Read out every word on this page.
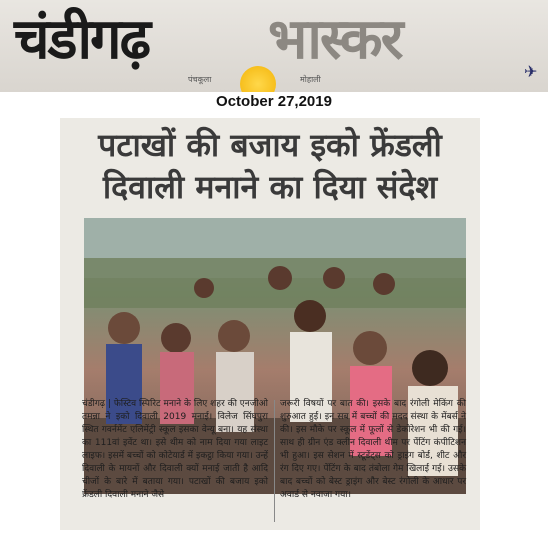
चंडीगढ़ भास्कर
पंचकूला	मोहाली	✈
October 27,2019
पटाखों की बजाय इको फ्रेंडली
दिवाली मनाने का दिया संदेश
चंडीगढ़ | फेस्टिव स्पिरिट मनाने के लिए शहर की एनजीओ तमन्ना ने इको दिवाली 2019 मनाई। विलेज सिंघपुरा स्थित गवर्नमेंट एलिमेंट्री स्कूल इसका वेन्यू बना। यह संस्था का 111वां इवेंट था। इसे थीम को नाम दिया गया लाइट लाइफ। इसमें बच्चों को कोटेयार्ड में इकट्ठा किया गया। उन्हें दिवाली के मायनों और दिवाली क्यों मनाई जाती है आदि चीजों के बारे में बताया गया। पटाखों की बजाय इको फ्रेंडली दिवाली मनाने जैसे
जरूरी विषयों पर बात की। इसके बाद रंगोली मेकिंग की शुरुआत हुई। इन सब में बच्चों की मदद संस्था के मेंबर्स ने की। इस मौके पर स्कूल में फूलों से डेकोरेशन भी की गई। साथ ही ग्रीन एंड क्लीन दिवाली थीम पर पेंटिंग कंपीटिशन भी हुआ। इस सेशन में स्टूडेंट्स को ड्राइंग बोर्ड, शीट और रंग दिए गए। पेंटिंग के बाद तंबोला गेम खिलाई गई। उसके बाद बच्चों को बेस्ट ड्राइंग और बेस्ट रंगोली के आधार पर अवार्ड से नवाजा गया।
